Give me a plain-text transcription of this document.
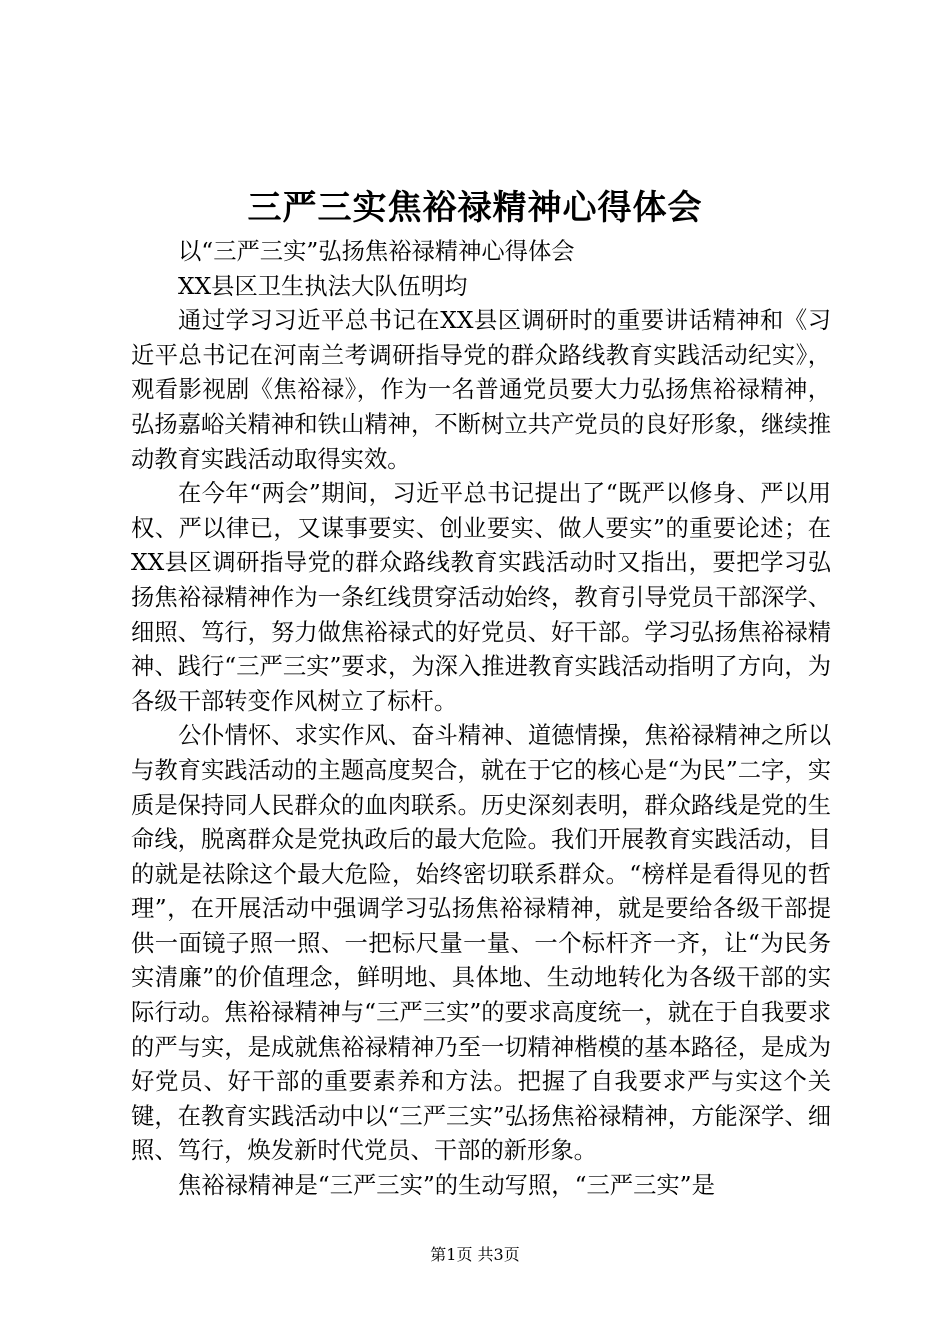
三严三实焦裕禄精神心得体会

以“三严三实”弘扬焦裕禄精神心得体会

XX县区卫生执法大队伍明均

通过学习习近平总书记在XX县区调研时的重要讲话精神和《习近平总书记在河南兰考调研指导党的群众路线教育实践活动纪实》，观看影视剧《焦裕禄》，作为一名普通党员要大力弘扬焦裕禄精神，弘扬嘉峪关精神和铁山精神，不断树立共产党员的良好形象，继续推动教育实践活动取得实效。

在今年“两会”期间，习近平总书记提出了“既严以修身、严以用权、严以律已，又谋事要实、创业要实、做人要实”的重要论述；在XX县区调研指导党的群众路线教育实践活动时又指出，要把学习弘扬焦裕禄精神作为一条红线贯穿活动始终，教育引导党员干部深学、细照、笃行，努力做焦裕禄式的好党员、好干部。学习弘扬焦裕禄精神、践行“三严三实”要求，为深入推进教育实践活动指明了方向，为各级干部转变作风树立了标杆。

公仆情怀、求实作风、奋斗精神、道德情操，焦裕禄精神之所以与教育实践活动的主题高度契合，就在于它的核心是“为民”二字，实质是保持同人民群众的血肉联系。历史深刻表明，群众路线是党的生命线，脱离群众是党执政后的最大危险。我们开展教育实践活动，目的就是祛除这个最大危险，始终密切联系群众。“榜样是看得见的哲理”，在开展活动中强调学习弘扬焦裕禄精神，就是要给各级干部提供一面镜子照一照、一把标尺量一量、一个标杆齐一齐，让“为民务实清廉”的价值理念，鲜明地、具体地、生动地转化为各级干部的实际行动。焦裕禄精神与“三严三实”的要求高度统一，就在于自我要求的严与实，是成就焦裕禄精神乃至一切精神楷模的基本路径，是成为好党员、好干部的重要素养和方法。把握了自我要求严与实这个关键，在教育实践活动中以“三严三实”弘扬焦裕禄精神，方能深学、细照、笃行，焕发新时代党员、干部的新形象。

焦裕禄精神是“三严三实”的生动写照，“三严三实”是

第1页 共3页
